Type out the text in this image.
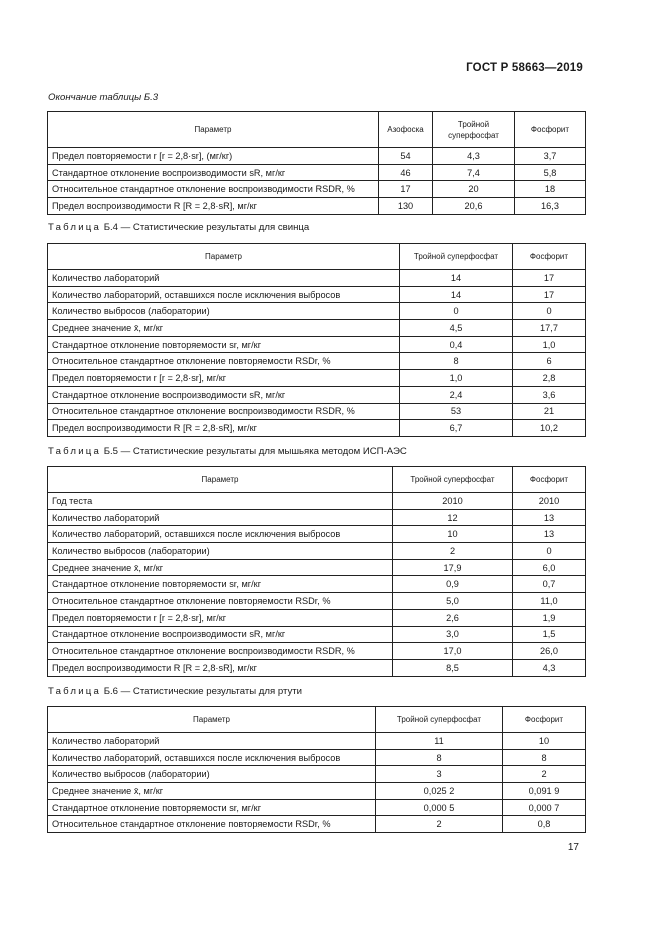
ГОСТ Р 58663—2019
Окончание таблицы Б.3
Параметр	Азофоска	Тройной суперфосфат	Фосфорит
Предел повторяемости r [r = 2,8·sr], (мг/кг)	54	4,3	3,7
Стандартное отклонение воспроизводимости sR, мг/кг	46	7,4	5,8
Относительное стандартное отклонение воспроизводимости RSDR, %	17	20	18
Предел воспроизводимости R [R = 2,8·sR], мг/кг	130	20,6	16,3
Таблица Б.4 — Статистические результаты для свинца
Параметр	Тройной суперфосфат	Фосфорит
Количество лабораторий	14	17
Количество лабораторий, оставшихся после исключения выбросов	14	17
Количество выбросов (лаборатории)	0	0
Среднее значение x̄, мг/кг	4,5	17,7
Стандартное отклонение повторяемости sr, мг/кг	0,4	1,0
Относительное стандартное отклонение повторяемости RSDr, %	8	6
Предел повторяемости r [r = 2,8·sr], мг/кг	1,0	2,8
Стандартное отклонение воспроизводимости sR, мг/кг	2,4	3,6
Относительное стандартное отклонение воспроизводимости RSDR, %	53	21
Предел воспроизводимости R [R = 2,8·sR], мг/кг	6,7	10,2
Таблица Б.5 — Статистические результаты для мышьяка методом ИСП-АЭС
Параметр	Тройной суперфосфат	Фосфорит
Год теста	2010	2010
Количество лабораторий	12	13
Количество лабораторий, оставшихся после исключения выбросов	10	13
Количество выбросов (лаборатории)	2	0
Среднее значение x̄, мг/кг	17,9	6,0
Стандартное отклонение повторяемости sr, мг/кг	0,9	0,7
Относительное стандартное отклонение повторяемости RSDr, %	5,0	11,0
Предел повторяемости r [r = 2,8·sr], мг/кг	2,6	1,9
Стандартное отклонение воспроизводимости sR, мг/кг	3,0	1,5
Относительное стандартное отклонение воспроизводимости RSDR, %	17,0	26,0
Предел воспроизводимости R [R = 2,8·sR], мг/кг	8,5	4,3
Таблица Б.6 — Статистические результаты для ртути
Параметр	Тройной суперфосфат	Фосфорит
Количество лабораторий	11	10
Количество лабораторий, оставшихся после исключения выбросов	8	8
Количество выбросов (лаборатории)	3	2
Среднее значение x̄, мг/кг	0,025 2	0,091 9
Стандартное отклонение повторяемости sr, мг/кг	0,000 5	0,000 7
Относительное стандартное отклонение повторяемости RSDr, %	2	0,8
17
